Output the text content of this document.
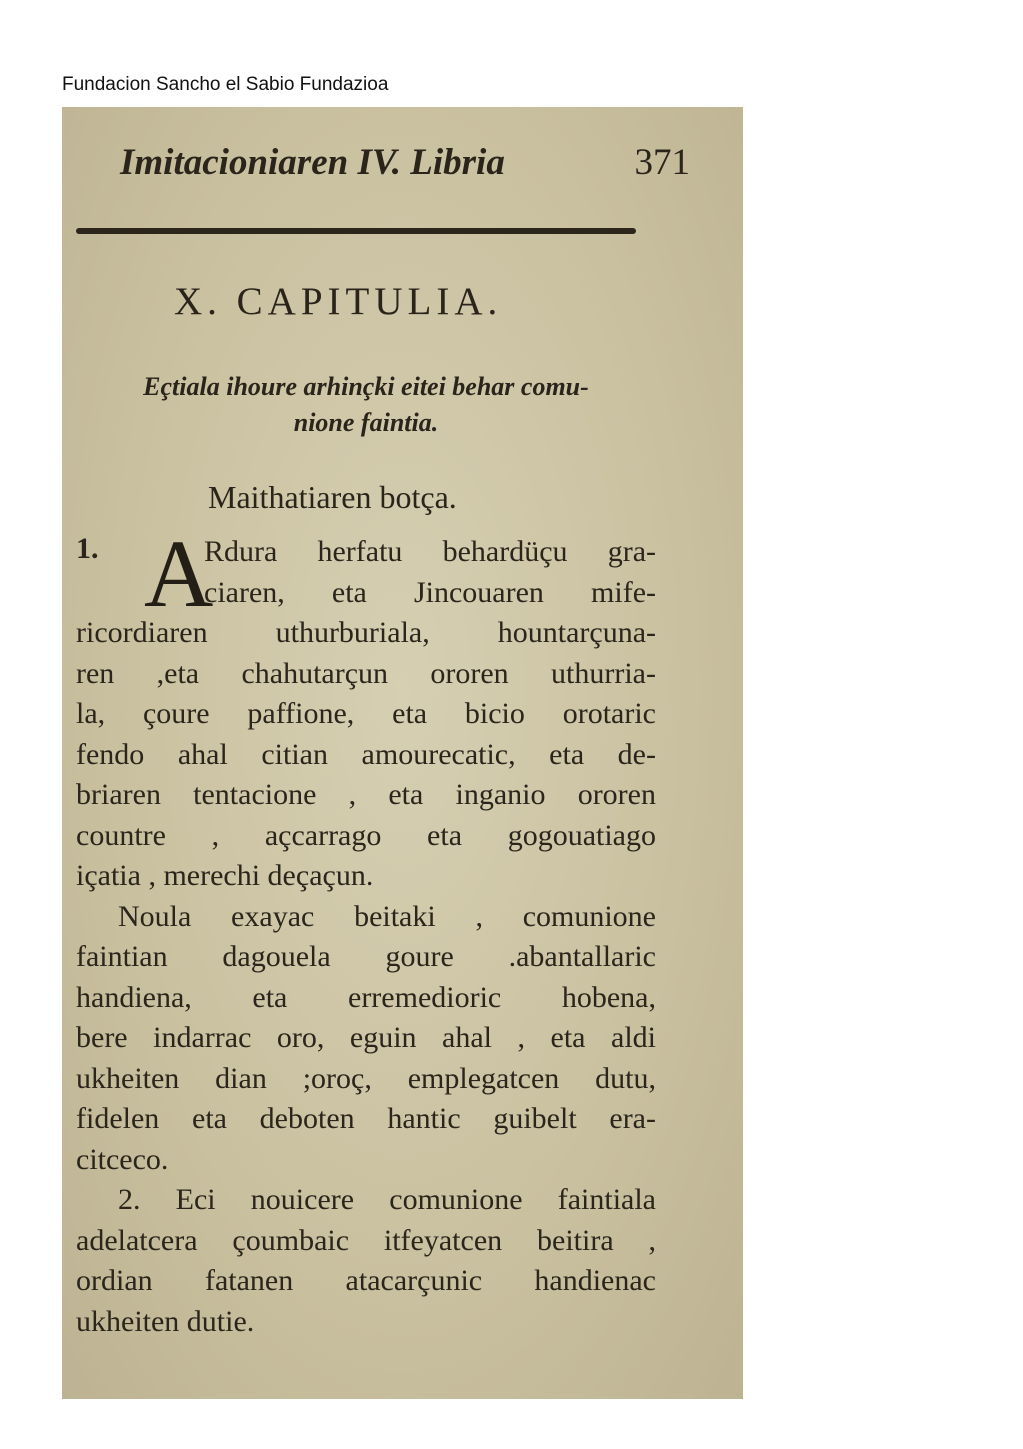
Fundacion Sancho el Sabio Fundazioa
Imitacioniaren IV. Libria	371
X. CAPITULIA.
Eçtiala ihoure arhinçki eitei behar comu-
nione faintia.
Maithatiaren botça.
1. A
Rdura herfatu behardüçu gra-
ciaren, eta Jincouaren mife-
ricordiaren uthurburiala, hountarçuna-
ren ,eta chahutarçun ororen uthurria-
la, çoure paffione, eta bicio orotaric
fendo ahal citian amourecatic, eta de-
briaren tentacione , eta inganio ororen
countre , açcarrago eta gogouatiago
içatia , merechi deçaçun.
Noula exayac beitaki , comunione
faintian dagouela goure .abantallaric
handiena, eta erremedioric hobena,
bere indarrac oro, eguin ahal , eta aldi
ukheiten dian ;oroç, emplegatcen dutu,
fidelen eta deboten hantic guibelt era-
citceco.
2. Eci nouicere comunione faintiala
adelatcera çoumbaic itfeyatcen beitira ,
ordian fatanen atacarçunic handienac
ukheiten dutie.
